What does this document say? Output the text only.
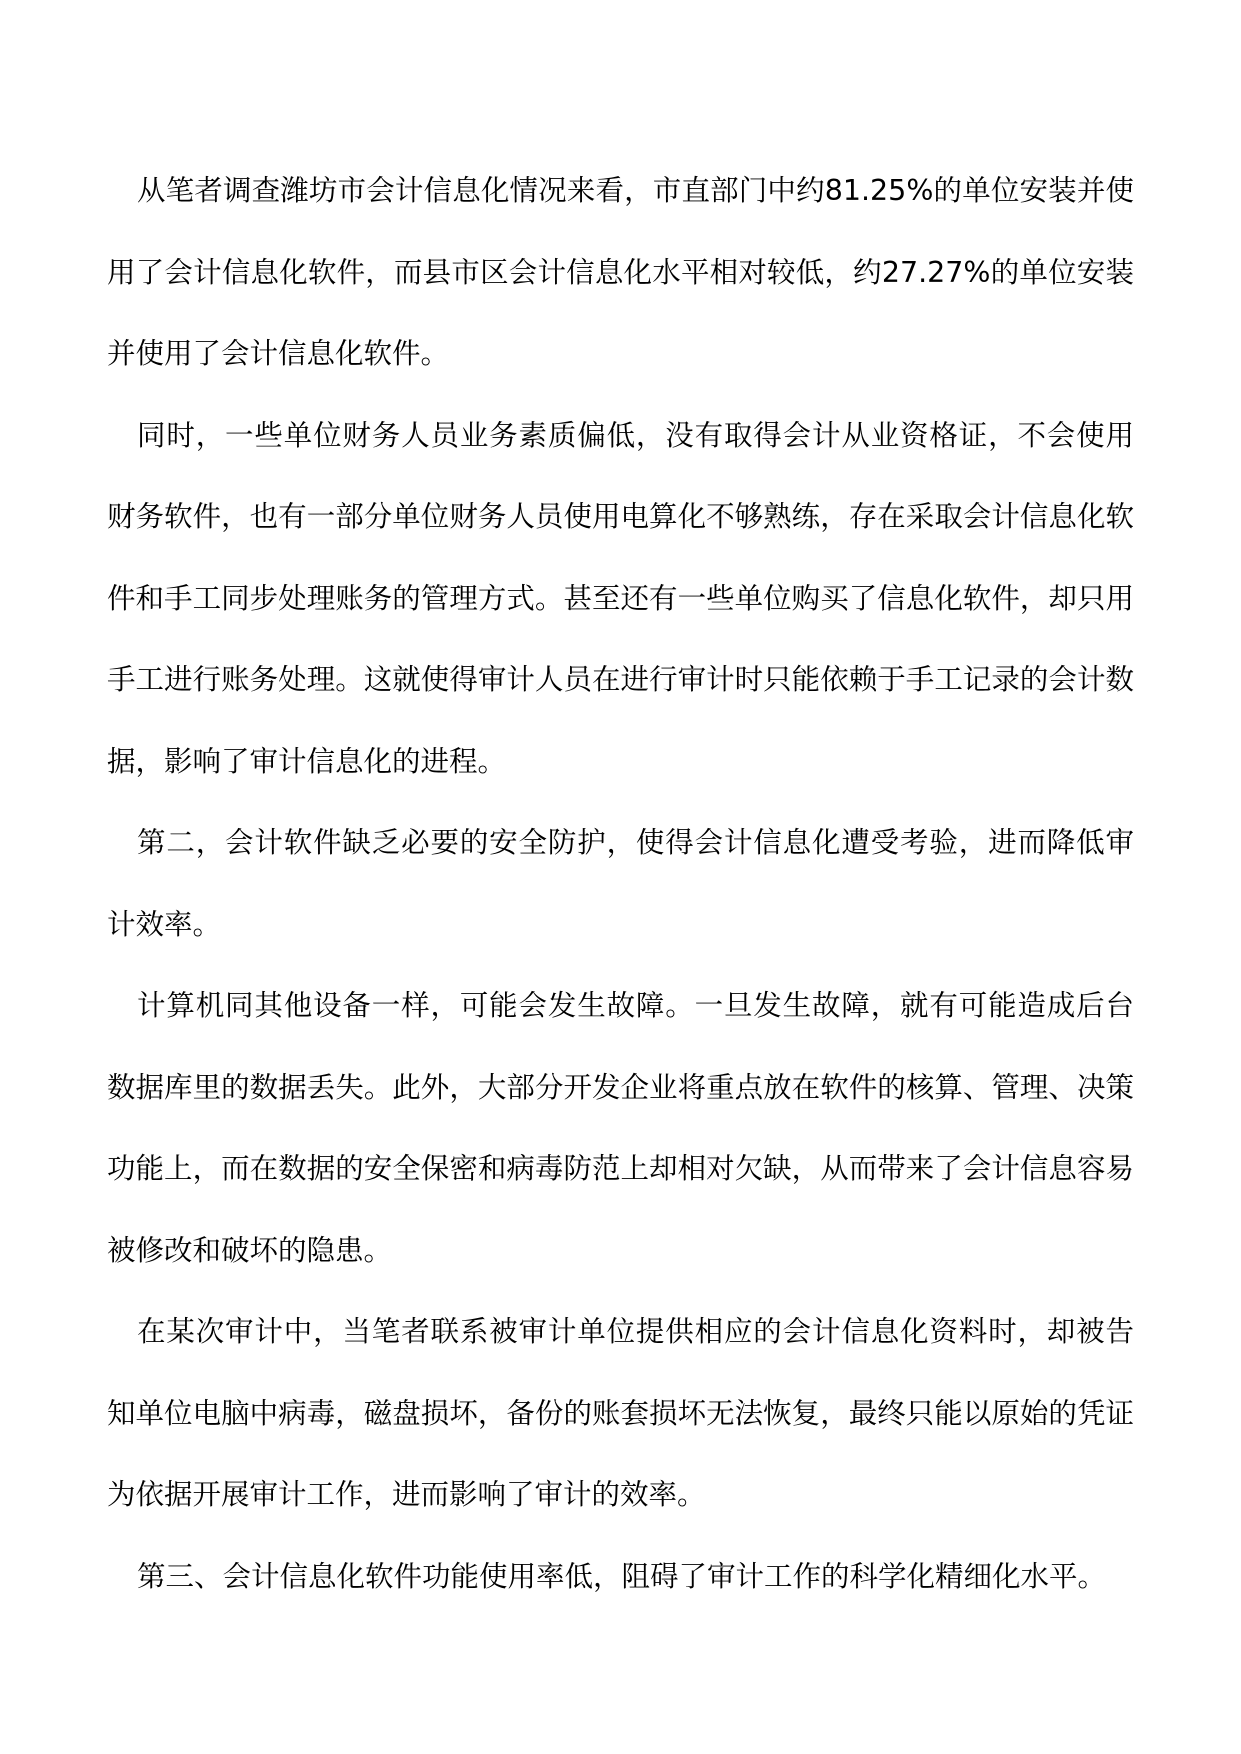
从笔者调查潍坊市会计信息化情况来看，市直部门中约81.25%的单位安装并使用了会计信息化软件，而县市区会计信息化水平相对较低，约27.27%的单位安装并使用了会计信息化软件。

同时，一些单位财务人员业务素质偏低，没有取得会计从业资格证，不会使用财务软件，也有一部分单位财务人员使用电算化不够熟练，存在采取会计信息化软件和手工同步处理账务的管理方式。甚至还有一些单位购买了信息化软件，却只用手工进行账务处理。这就使得审计人员在进行审计时只能依赖于手工记录的会计数据，影响了审计信息化的进程。

第二，会计软件缺乏必要的安全防护，使得会计信息化遭受考验，进而降低审计效率。

计算机同其他设备一样，可能会发生故障。一旦发生故障，就有可能造成后台数据库里的数据丢失。此外，大部分开发企业将重点放在软件的核算、管理、决策功能上，而在数据的安全保密和病毒防范上却相对欠缺，从而带来了会计信息容易被修改和破坏的隐患。

在某次审计中，当笔者联系被审计单位提供相应的会计信息化资料时，却被告知单位电脑中病毒，磁盘损坏，备份的账套损坏无法恢复，最终只能以原始的凭证为依据开展审计工作，进而影响了审计的效率。

第三、会计信息化软件功能使用率低，阻碍了审计工作的科学化精细化水平。
